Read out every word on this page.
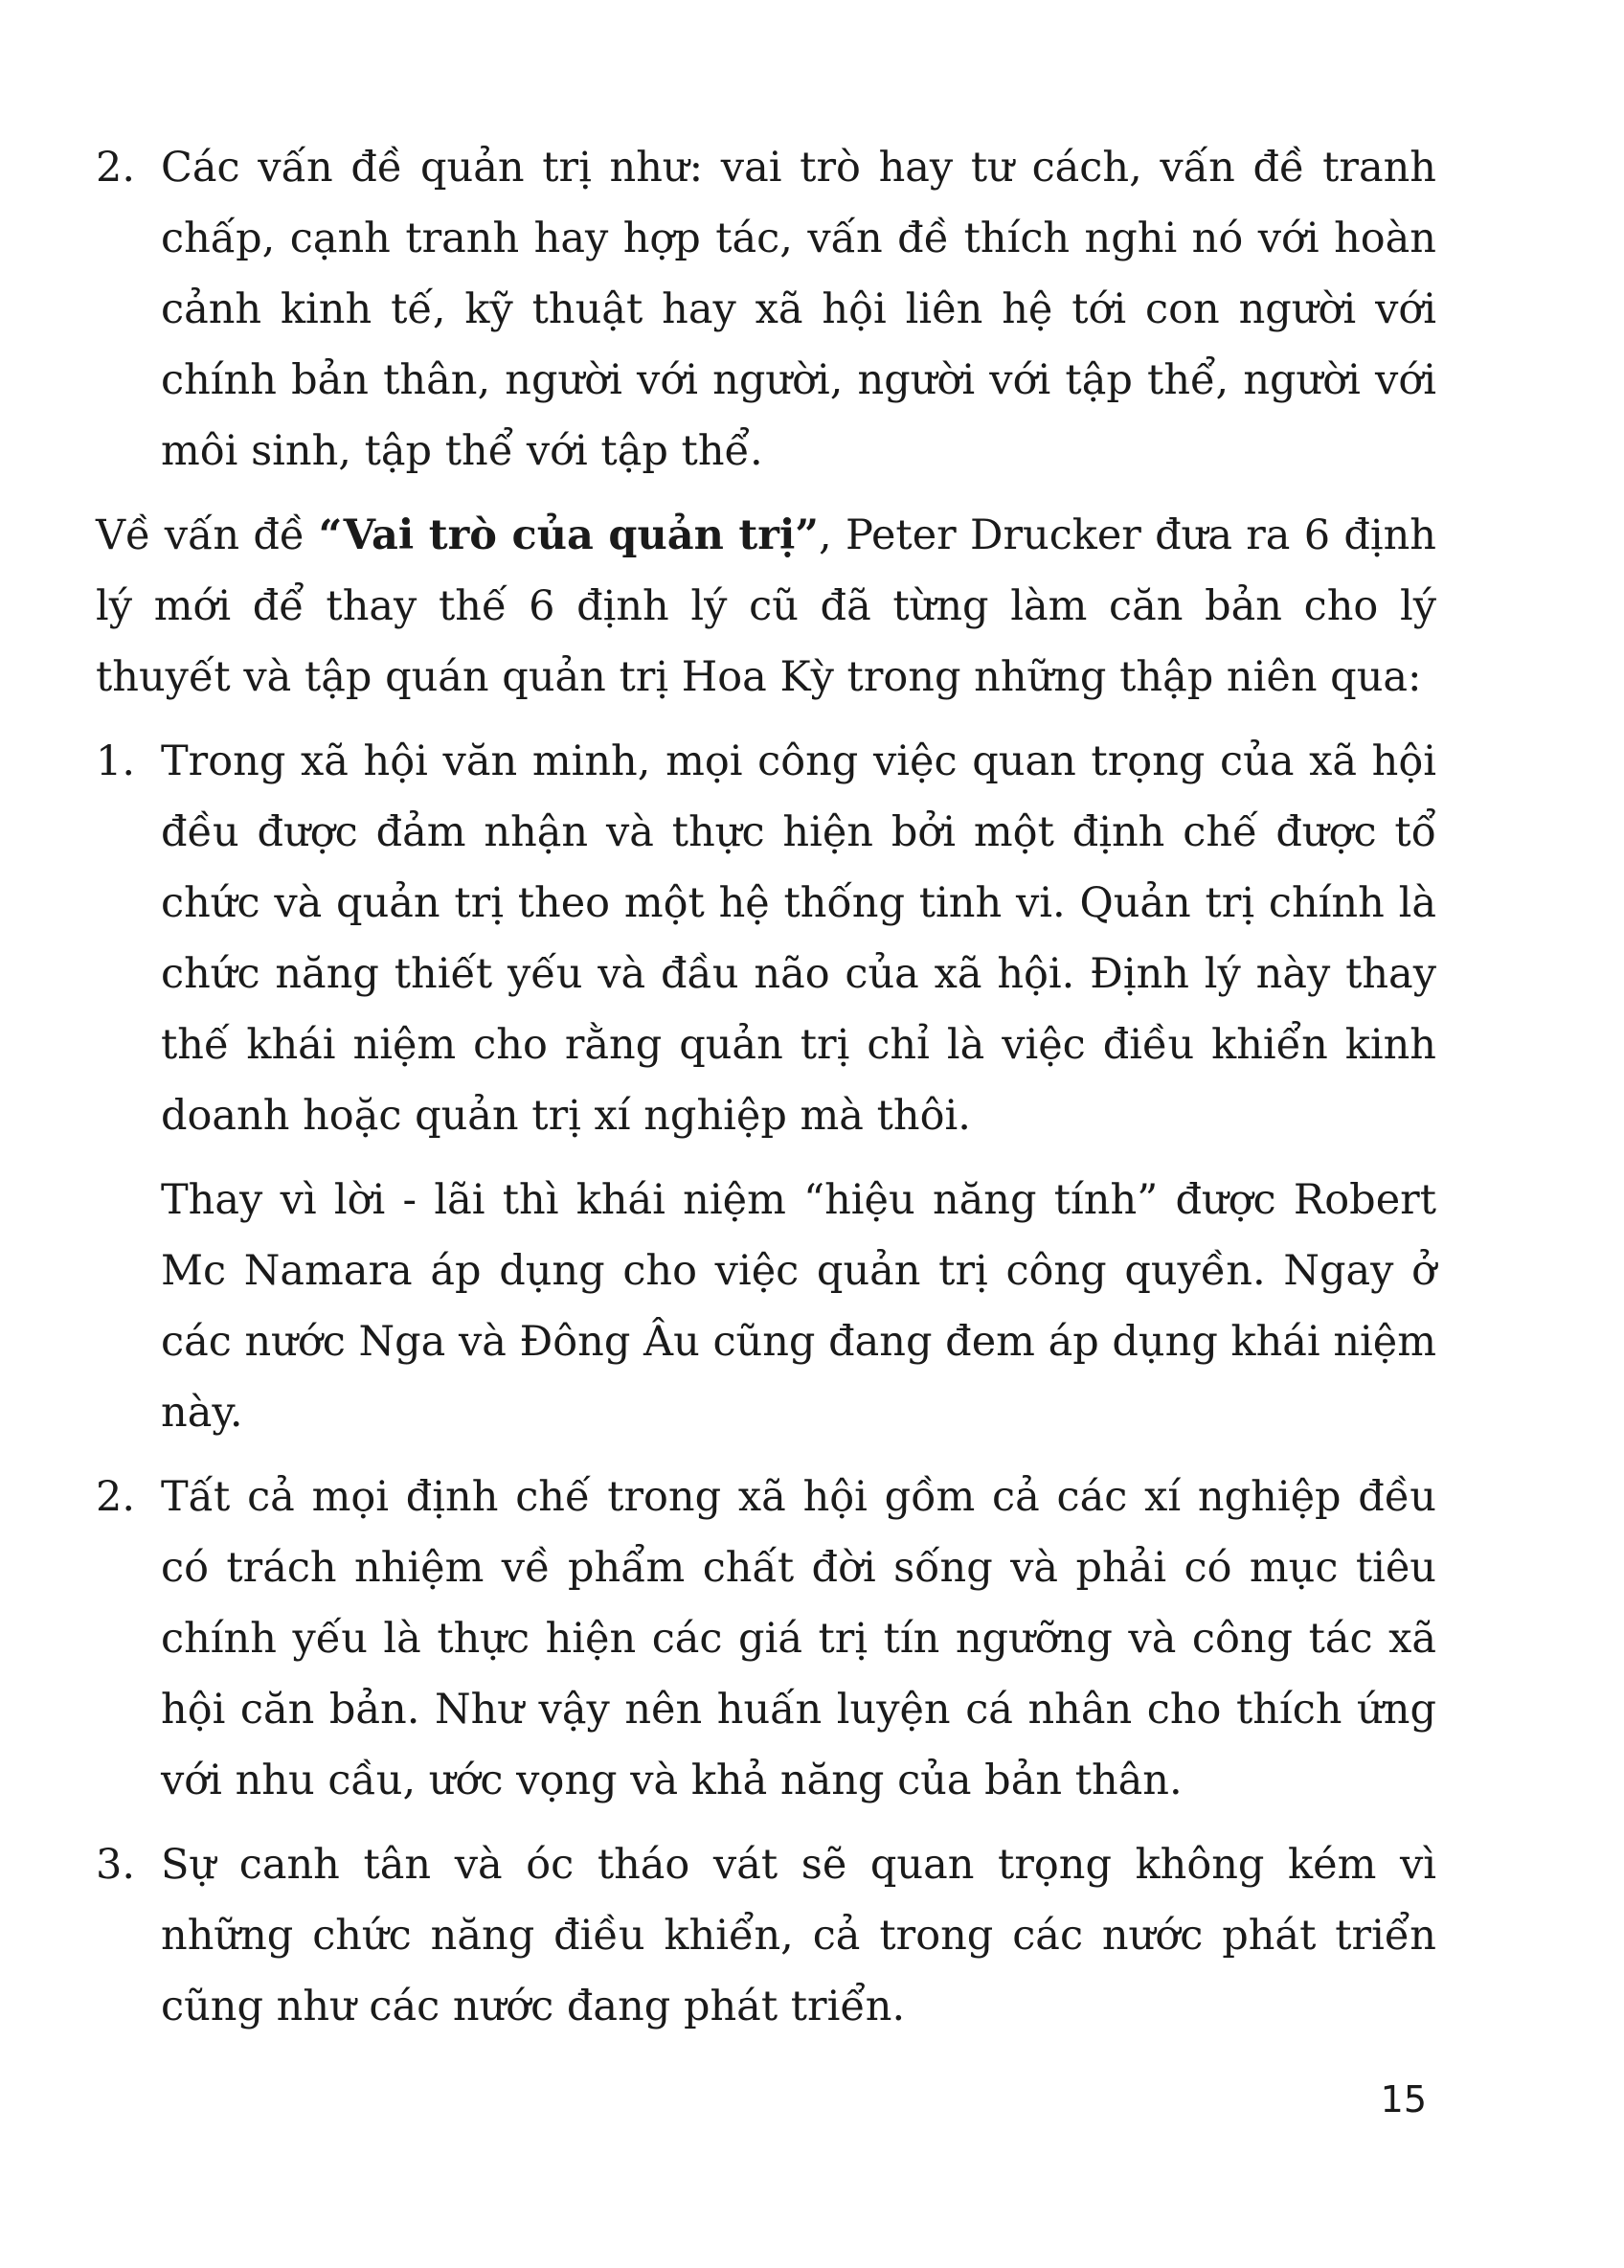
2. Các vấn đề quản trị như: vai trò hay tư cách, vấn đề tranh chấp, cạnh tranh hay hợp tác, vấn đề thích nghi nó với hoàn cảnh kinh tế, kỹ thuật hay xã hội liên hệ tới con người với chính bản thân, người với người, người với tập thể, người với môi sinh, tập thể với tập thể.

Về vấn đề “Vai trò của quản trị”, Peter Drucker đưa ra 6 định lý mới để thay thế 6 định lý cũ đã từng làm căn bản cho lý thuyết và tập quán quản trị Hoa Kỳ trong những thập niên qua:

1. Trong xã hội văn minh, mọi công việc quan trọng của xã hội đều được đảm nhận và thực hiện bởi một định chế được tổ chức và quản trị theo một hệ thống tinh vi. Quản trị chính là chức năng thiết yếu và đầu não của xã hội. Định lý này thay thế khái niệm cho rằng quản trị chỉ là việc điều khiển kinh doanh hoặc quản trị xí nghiệp mà thôi.

Thay vì lời - lãi thì khái niệm “hiệu năng tính” được Robert Mc Namara áp dụng cho việc quản trị công quyền. Ngay ở các nước Nga và Đông Âu cũng đang đem áp dụng khái niệm này.

2. Tất cả mọi định chế trong xã hội gồm cả các xí nghiệp đều có trách nhiệm về phẩm chất đời sống và phải có mục tiêu chính yếu là thực hiện các giá trị tín ngưỡng và công tác xã hội căn bản. Như vậy nên huấn luyện cá nhân cho thích ứng với nhu cầu, ước vọng và khả năng của bản thân.
3. Sự canh tân và óc tháo vát sẽ quan trọng không kém vì những chức năng điều khiển, cả trong các nước phát triển cũng như các nước đang phát triển.
15
